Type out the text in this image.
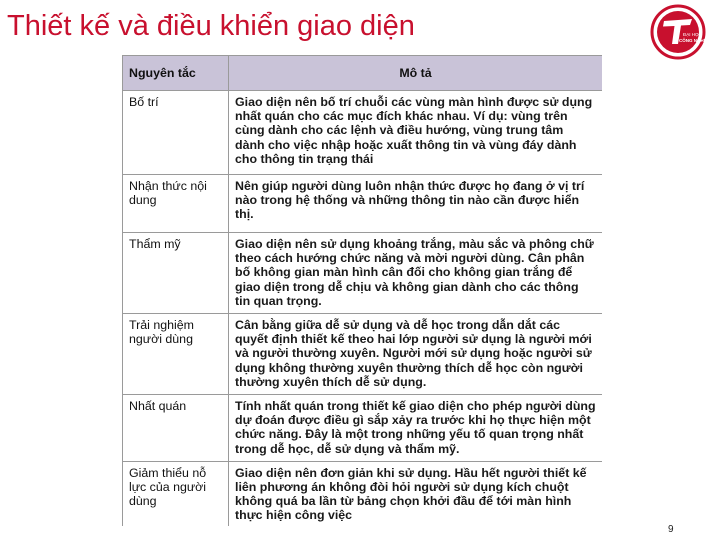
Thiết kế và điều khiển giao diện	ĐẠI HỌC
CÔNG NGHỆ
Nguyên tắc	Mô tả
Bố trí	Giao diện nên bố trí chuỗi các vùng màn hình được sử dụng nhất quán cho các mục đích khác nhau. Ví dụ: vùng trên cùng dành cho các lệnh và điều hướng, vùng trung tâm dành cho việc nhập hoặc xuất thông tin và vùng đáy dành cho thông tin trạng thái
Nhận thức nội dung	Nên giúp người dùng luôn nhận thức được họ đang ở vị trí nào trong hệ thống và những thông tin nào cần được hiển thị.
Thẩm mỹ	Giao diện nên sử dụng khoảng trắng, màu sắc và phông chữ theo cách hướng chức năng và mời người dùng. Cân phân bố không gian màn hình cân đối cho không gian trắng để giao diện trong dễ chịu và không gian dành cho các thông tin quan trọng.
Trải nghiệm người dùng	Cân bằng giữa dễ sử dụng và dễ học trong dẫn dắt các quyết định thiết kế theo hai lớp người sử dụng là người mới và người thường xuyên. Người mới sử dụng hoặc người sử dụng không thường xuyên thường thích dễ học còn người thường xuyên thích dễ sử dụng.
Nhất quán	Tính nhất quán trong thiết kế giao diện cho phép người dùng dự đoán được điều gì sắp xảy ra trước khi họ thực hiện một chức năng. Đây là một trong những yếu tố quan trọng nhất trong dễ học, dễ sử dụng và thẩm mỹ.
Giảm thiểu nỗ lực của người dùng	Giao diện nên đơn giản khi sử dụng. Hầu hết người thiết kế liên phương án không đòi hỏi người sử dụng kích chuột không quá ba lần từ bảng chọn khởi đầu để tới màn hình thực hiện công việc
9
